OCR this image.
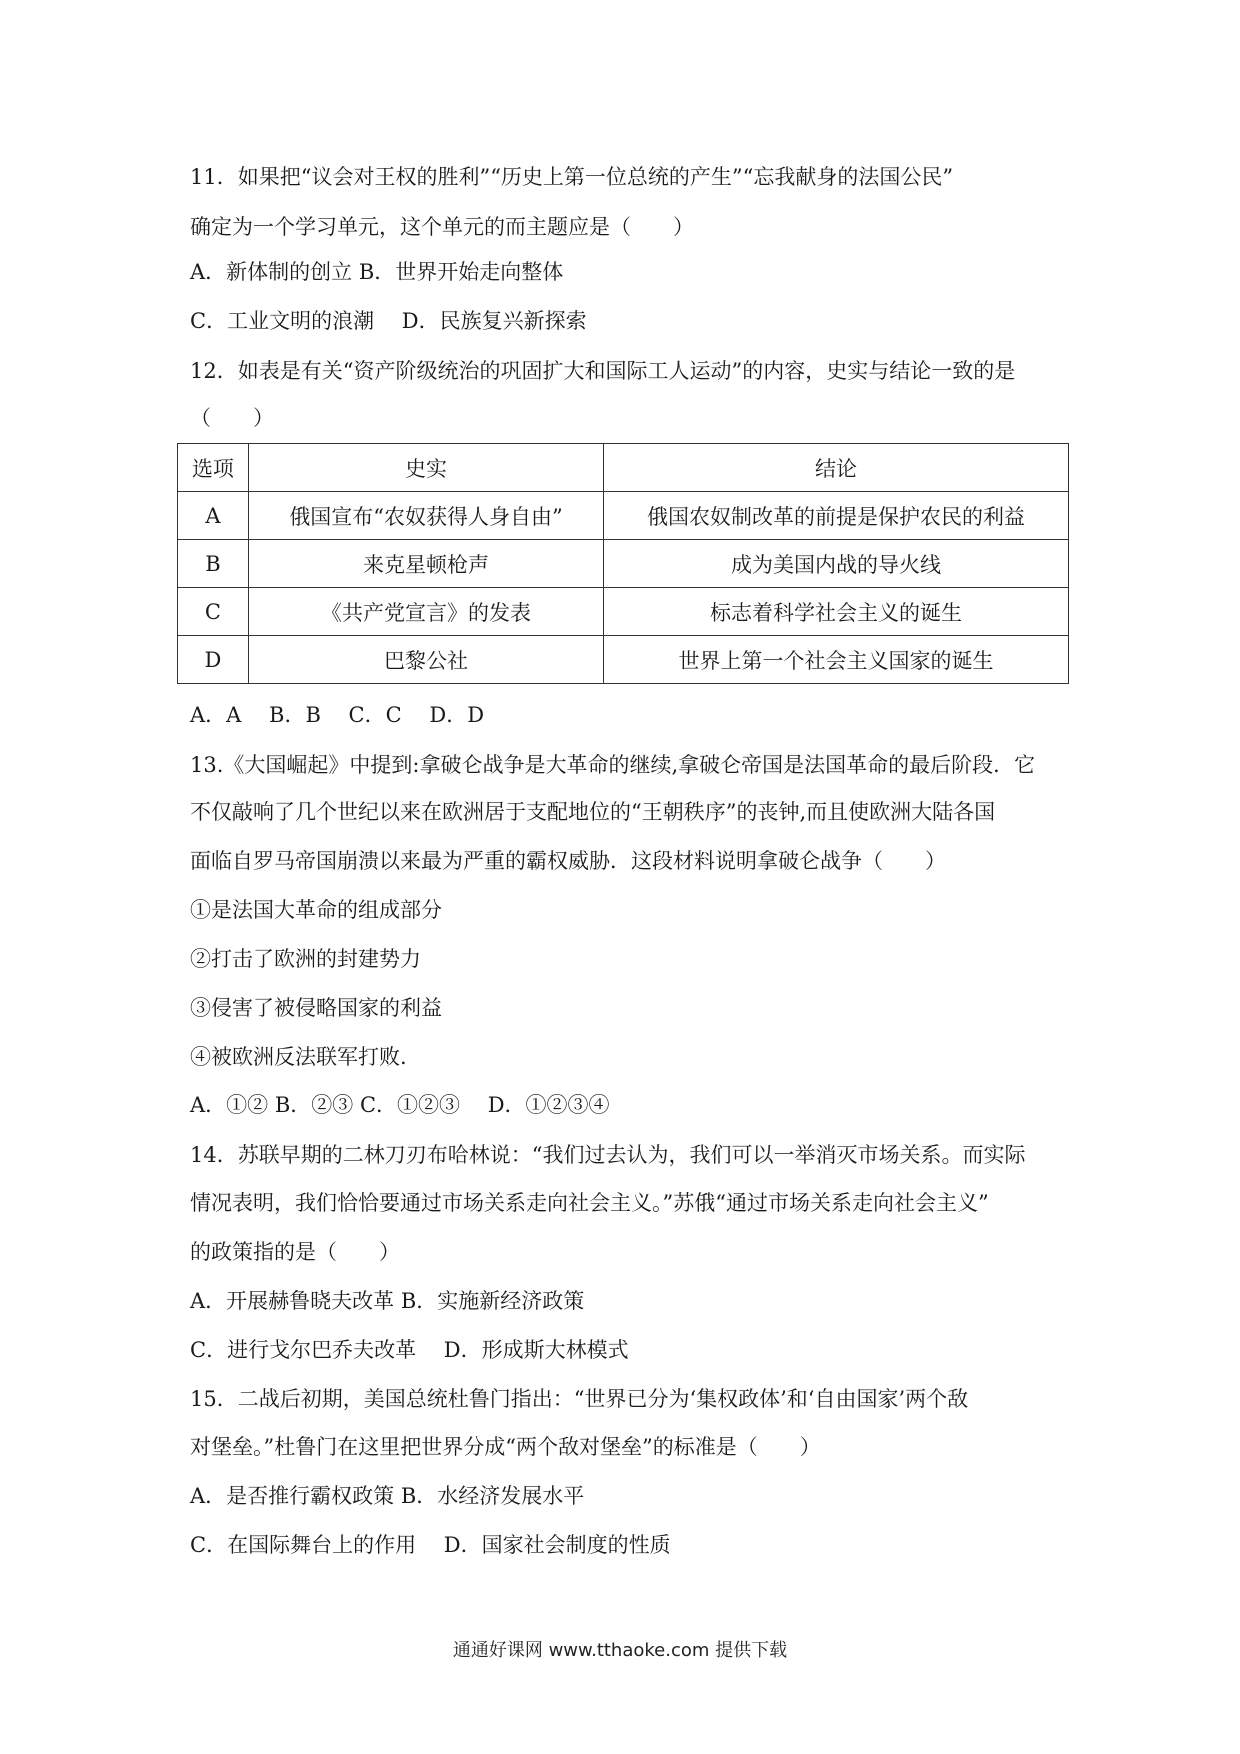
11．如果把“议会对王权的胜利”“历史上第一位总统的产生”“忘我献身的法国公民”
确定为一个学习单元，这个单元的而主题应是（　　）
A．新体制的创立 B．世界开始走向整体
C．工业文明的浪潮　 D．民族复兴新探索
12．如表是有关“资产阶级统治的巩固扩大和国际工人运动”的内容，史实与结论一致的是
（　　）
选项	史实	结论
A	俄国宣布“农奴获得人身自由”	俄国农奴制改革的前提是保护农民的利益
B	来克星顿枪声	成为美国内战的导火线
C	《共产党宣言》的发表	标志着科学社会主义的诞生
D	巴黎公社	世界上第一个社会主义国家的诞生
A．A　 B．B　 C．C　 D．D
13.《大国崛起》中提到:拿破仑战争是大革命的继续,拿破仑帝国是法国革命的最后阶段．它
不仅敲响了几个世纪以来在欧洲居于支配地位的“王朝秩序”的丧钟,而且使欧洲大陆各国
面临自罗马帝国崩溃以来最为严重的霸权威胁．这段材料说明拿破仑战争（　　）
①是法国大革命的组成部分
②打击了欧洲的封建势力
③侵害了被侵略国家的利益
④被欧洲反法联军打败.
A．①② B．②③ C．①②③　 D．①②③④
14．苏联早期的二林刀刃布哈林说：“我们过去认为，我们可以一举消灭市场关系。而实际
情况表明，我们恰恰要通过市场关系走向社会主义。”苏俄“通过市场关系走向社会主义”
的政策指的是（　　）
A．开展赫鲁晓夫改革 B．实施新经济政策
C．进行戈尔巴乔夫改革　 D．形成斯大林模式
15．二战后初期，美国总统杜鲁门指出：“世界已分为‘集权政体’和‘自由国家’两个敌
对堡垒。”杜鲁门在这里把世界分成“两个敌对堡垒”的标准是（　　）
A．是否推行霸权政策 B．水经济发展水平
C．在国际舞台上的作用　 D．国家社会制度的性质
通通好课网 www.tthaoke.com 提供下载
